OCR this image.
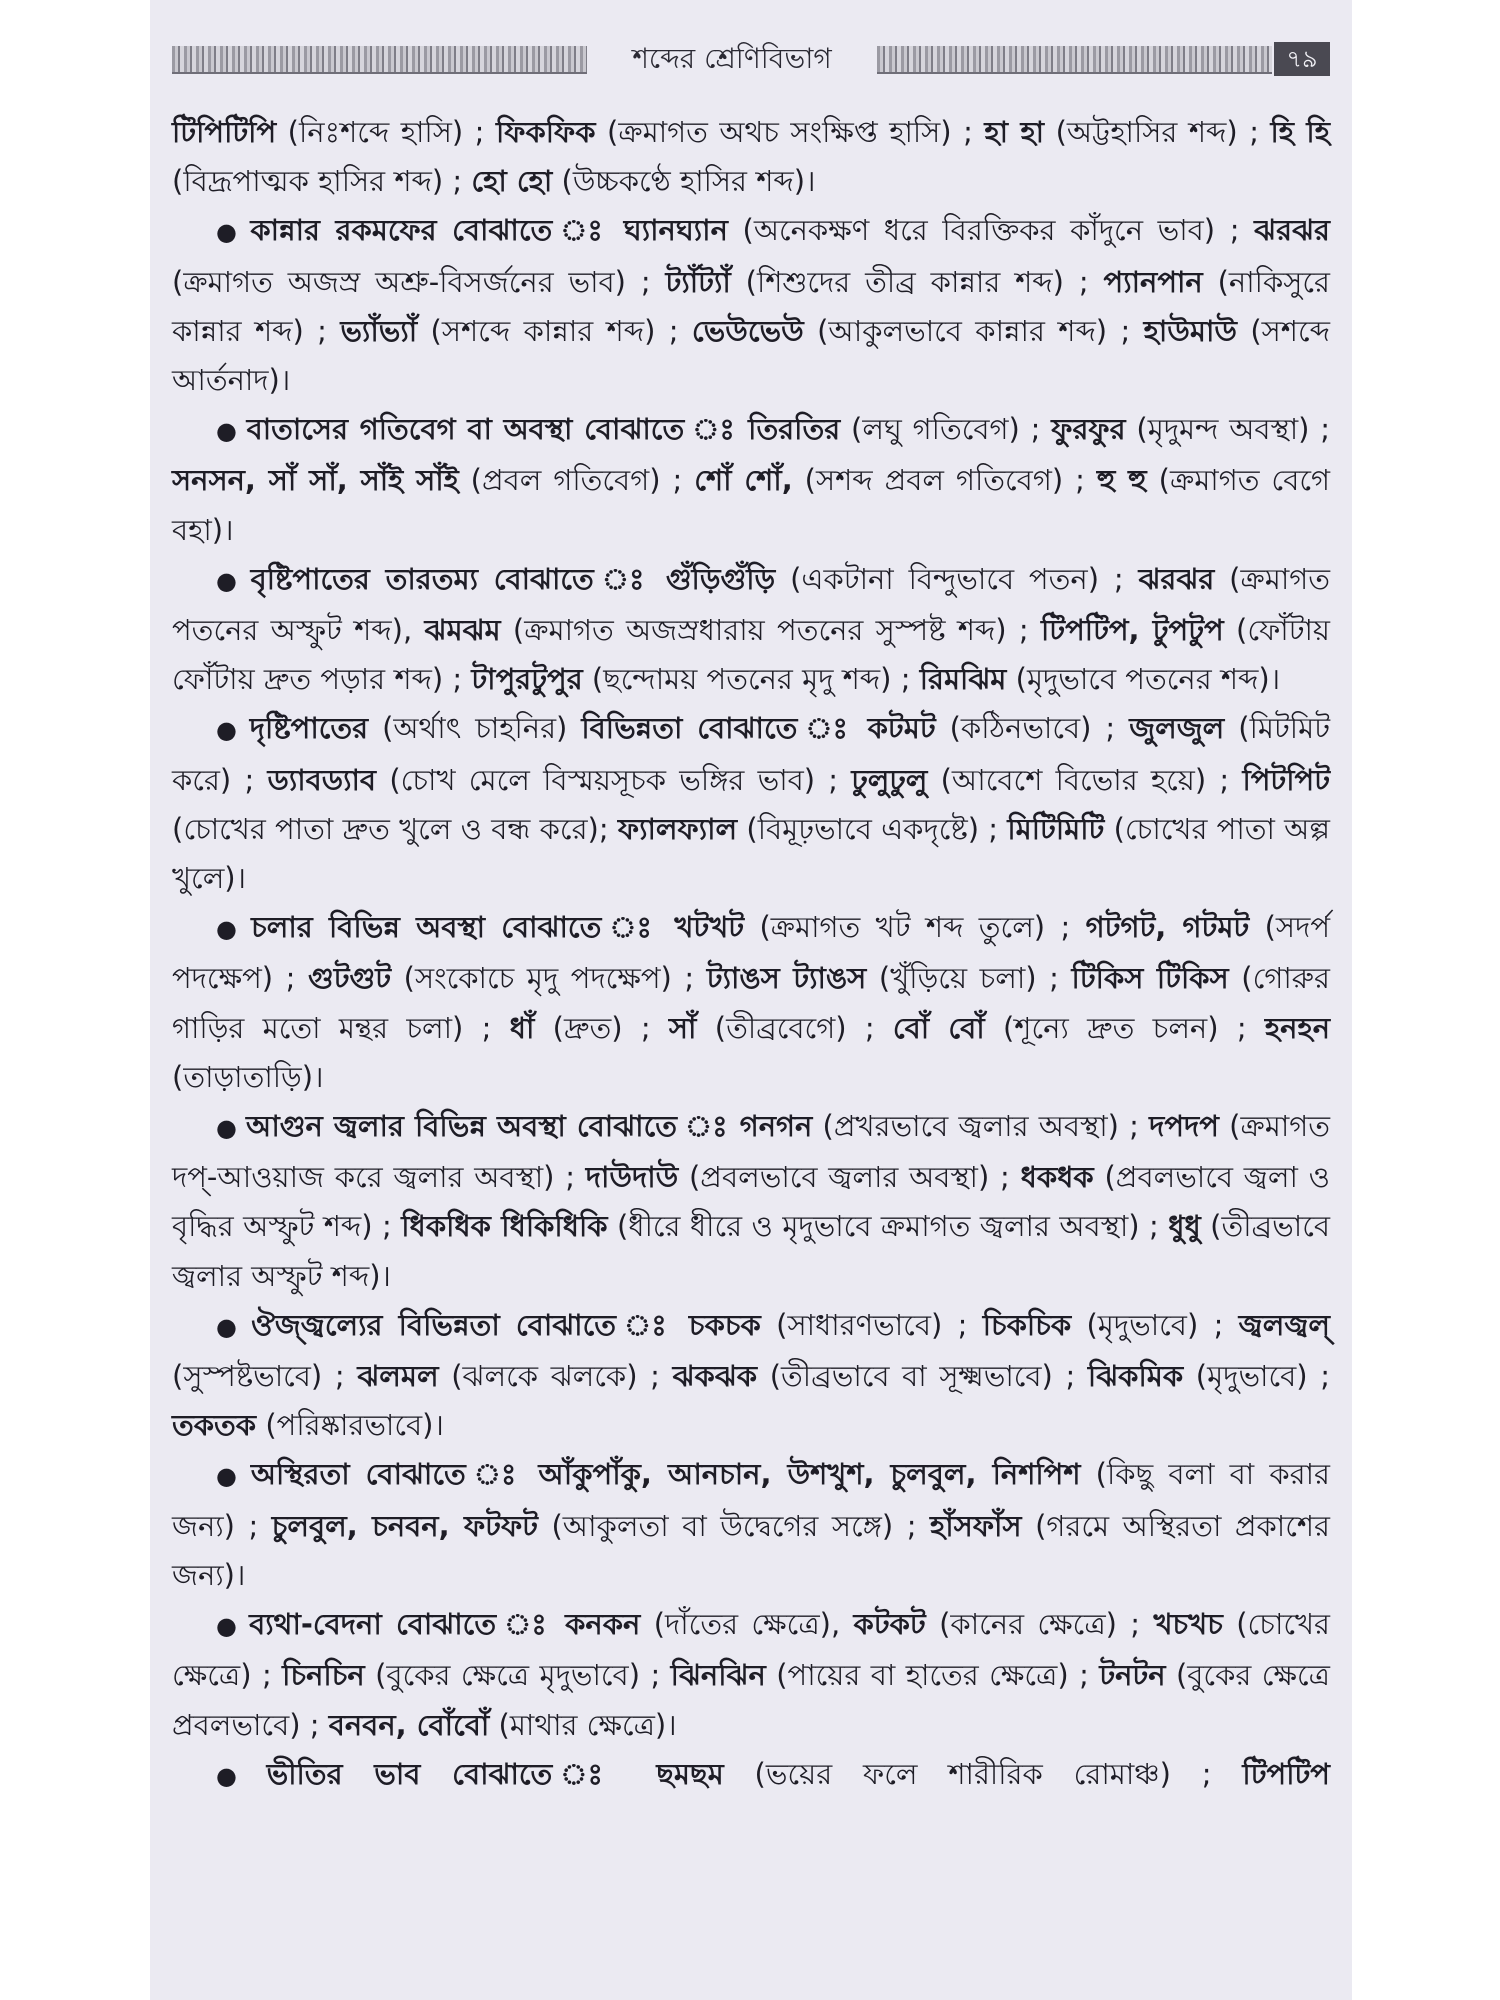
শব্দের শ্রেণিবিভাগ	৭৯

টিপিটিপি (নিঃশব্দে হাসি) ; ফিকফিক (ক্রমাগত অথচ সংক্ষিপ্ত হাসি) ; হা হা (অট্টহাসির শব্দ) ; হি হি (বিদ্রূপাত্মক হাসির শব্দ) ; হো হো (উচ্চকণ্ঠে হাসির শব্দ)।

● কান্নার রকমফের বোঝাতে ঃ ঘ্যানঘ্যান (অনেকক্ষণ ধরে বিরক্তিকর কাঁদুনে ভাব) ; ঝরঝর (ক্রমাগত অজস্র অশ্রু-বিসর্জনের ভাব) ; ট্যাঁট্যাঁ (শিশুদের তীব্র কান্নার শব্দ) ; প্যানপান (নাকিসুরে কান্নার শব্দ) ; ভ্যাঁভ্যাঁ (সশব্দে কান্নার শব্দ) ; ভেউভেউ (আকুলভাবে কান্নার শব্দ) ; হাউমাউ (সশব্দে আর্তনাদ)।

● বাতাসের গতিবেগ বা অবস্থা বোঝাতে ঃ তিরতির (লঘু গতিবেগ) ; ফুরফুর (মৃদুমন্দ অবস্থা) ; সনসন, সাঁ সাঁ, সাঁই সাঁই (প্রবল গতিবেগ) ; শোঁ শোঁ, (সশব্দ প্রবল গতিবেগ) ; হু হু (ক্রমাগত বেগে বহা)।

● বৃষ্টিপাতের তারতম্য বোঝাতে ঃ গুঁড়িগুঁড়ি (একটানা বিন্দুভাবে পতন) ; ঝরঝর (ক্রমাগত পতনের অস্ফুট শব্দ), ঝমঝম (ক্রমাগত অজস্রধারায় পতনের সুস্পষ্ট শব্দ) ; টিপটিপ, টুপটুপ (ফোঁটায় ফোঁটায় দ্রুত পড়ার শব্দ) ; টাপুরটুপুর (ছন্দোময় পতনের মৃদু শব্দ) ; রিমঝিম (মৃদুভাবে পতনের শব্দ)।

● দৃষ্টিপাতের (অর্থাৎ চাহনির) বিভিন্নতা বোঝাতে ঃ কটমট (কঠিনভাবে) ; জুলজুল (মিটমিট করে) ; ড্যাবড্যাব (চোখ মেলে বিস্ময়সূচক ভঙ্গির ভাব) ; ঢুলুঢুলু (আবেশে বিভোর হয়ে) ; পিটপিট (চোখের পাতা দ্রুত খুলে ও বন্ধ করে); ফ্যালফ্যাল (বিমূঢ়ভাবে একদৃষ্টে) ; মিটিমিটি (চোখের পাতা অল্প খুলে)।

● চলার বিভিন্ন অবস্থা বোঝাতে ঃ খটখট (ক্রমাগত খট শব্দ তুলে) ; গটগট, গটমট (সদর্প পদক্ষেপ) ; গুটগুট (সংকোচে মৃদু পদক্ষেপ) ; ট্যাঙস ট্যাঙস (খুঁড়িয়ে চলা) ; টিকিস টিকিস (গোরুর গাড়ির মতো মন্থর চলা) ; ধাঁ (দ্রুত) ; সাঁ (তীব্রবেগে) ; বোঁ বোঁ (শূন্যে দ্রুত চলন) ; হনহন (তাড়াতাড়ি)।

● আগুন জ্বলার বিভিন্ন অবস্থা বোঝাতে ঃ গনগন (প্রখরভাবে জ্বলার অবস্থা) ; দপদপ (ক্রমাগত দপ্-আওয়াজ করে জ্বলার অবস্থা) ; দাউদাউ (প্রবলভাবে জ্বলার অবস্থা) ; ধকধক (প্রবলভাবে জ্বলা ও বৃদ্ধির অস্ফুট শব্দ) ; ধিকধিক ধিকিধিকি (ধীরে ধীরে ও মৃদুভাবে ক্রমাগত জ্বলার অবস্থা) ; ধুধু (তীব্রভাবে জ্বলার অস্ফুট শব্দ)।

● ঔজ্জ্বল্যের বিভিন্নতা বোঝাতে ঃ চকচক (সাধারণভাবে) ; চিকচিক (মৃদুভাবে) ; জ্বলজ্বল্ (সুস্পষ্টভাবে) ; ঝলমল (ঝলকে ঝলকে) ; ঝকঝক (তীব্রভাবে বা সূক্ষ্মভাবে) ; ঝিকমিক (মৃদুভাবে) ; তকতক (পরিষ্কারভাবে)।

● অস্থিরতা বোঝাতে ঃ আঁকুপাঁকু, আনচান, উশখুশ, চুলবুল, নিশপিশ (কিছু বলা বা করার জন্য) ; চুলবুল, চনবন, ফটফট (আকুলতা বা উদ্বেগের সঙ্গে) ; হাঁসফাঁস (গরমে অস্থিরতা প্রকাশের জন্য)।

● ব্যথা-বেদনা বোঝাতে ঃ কনকন (দাঁতের ক্ষেত্রে), কটকট (কানের ক্ষেত্রে) ; খচখচ (চোখের ক্ষেত্রে) ; চিনচিন (বুকের ক্ষেত্রে মৃদুভাবে) ; ঝিনঝিন (পায়ের বা হাতের ক্ষেত্রে) ; টনটন (বুকের ক্ষেত্রে প্রবলভাবে) ; বনবন, বোঁবোঁ (মাথার ক্ষেত্রে)।

● ভীতির ভাব বোঝাতে ঃ ছমছম (ভয়ের ফলে শারীরিক রোমাঞ্চ) ; টিপটিপ
